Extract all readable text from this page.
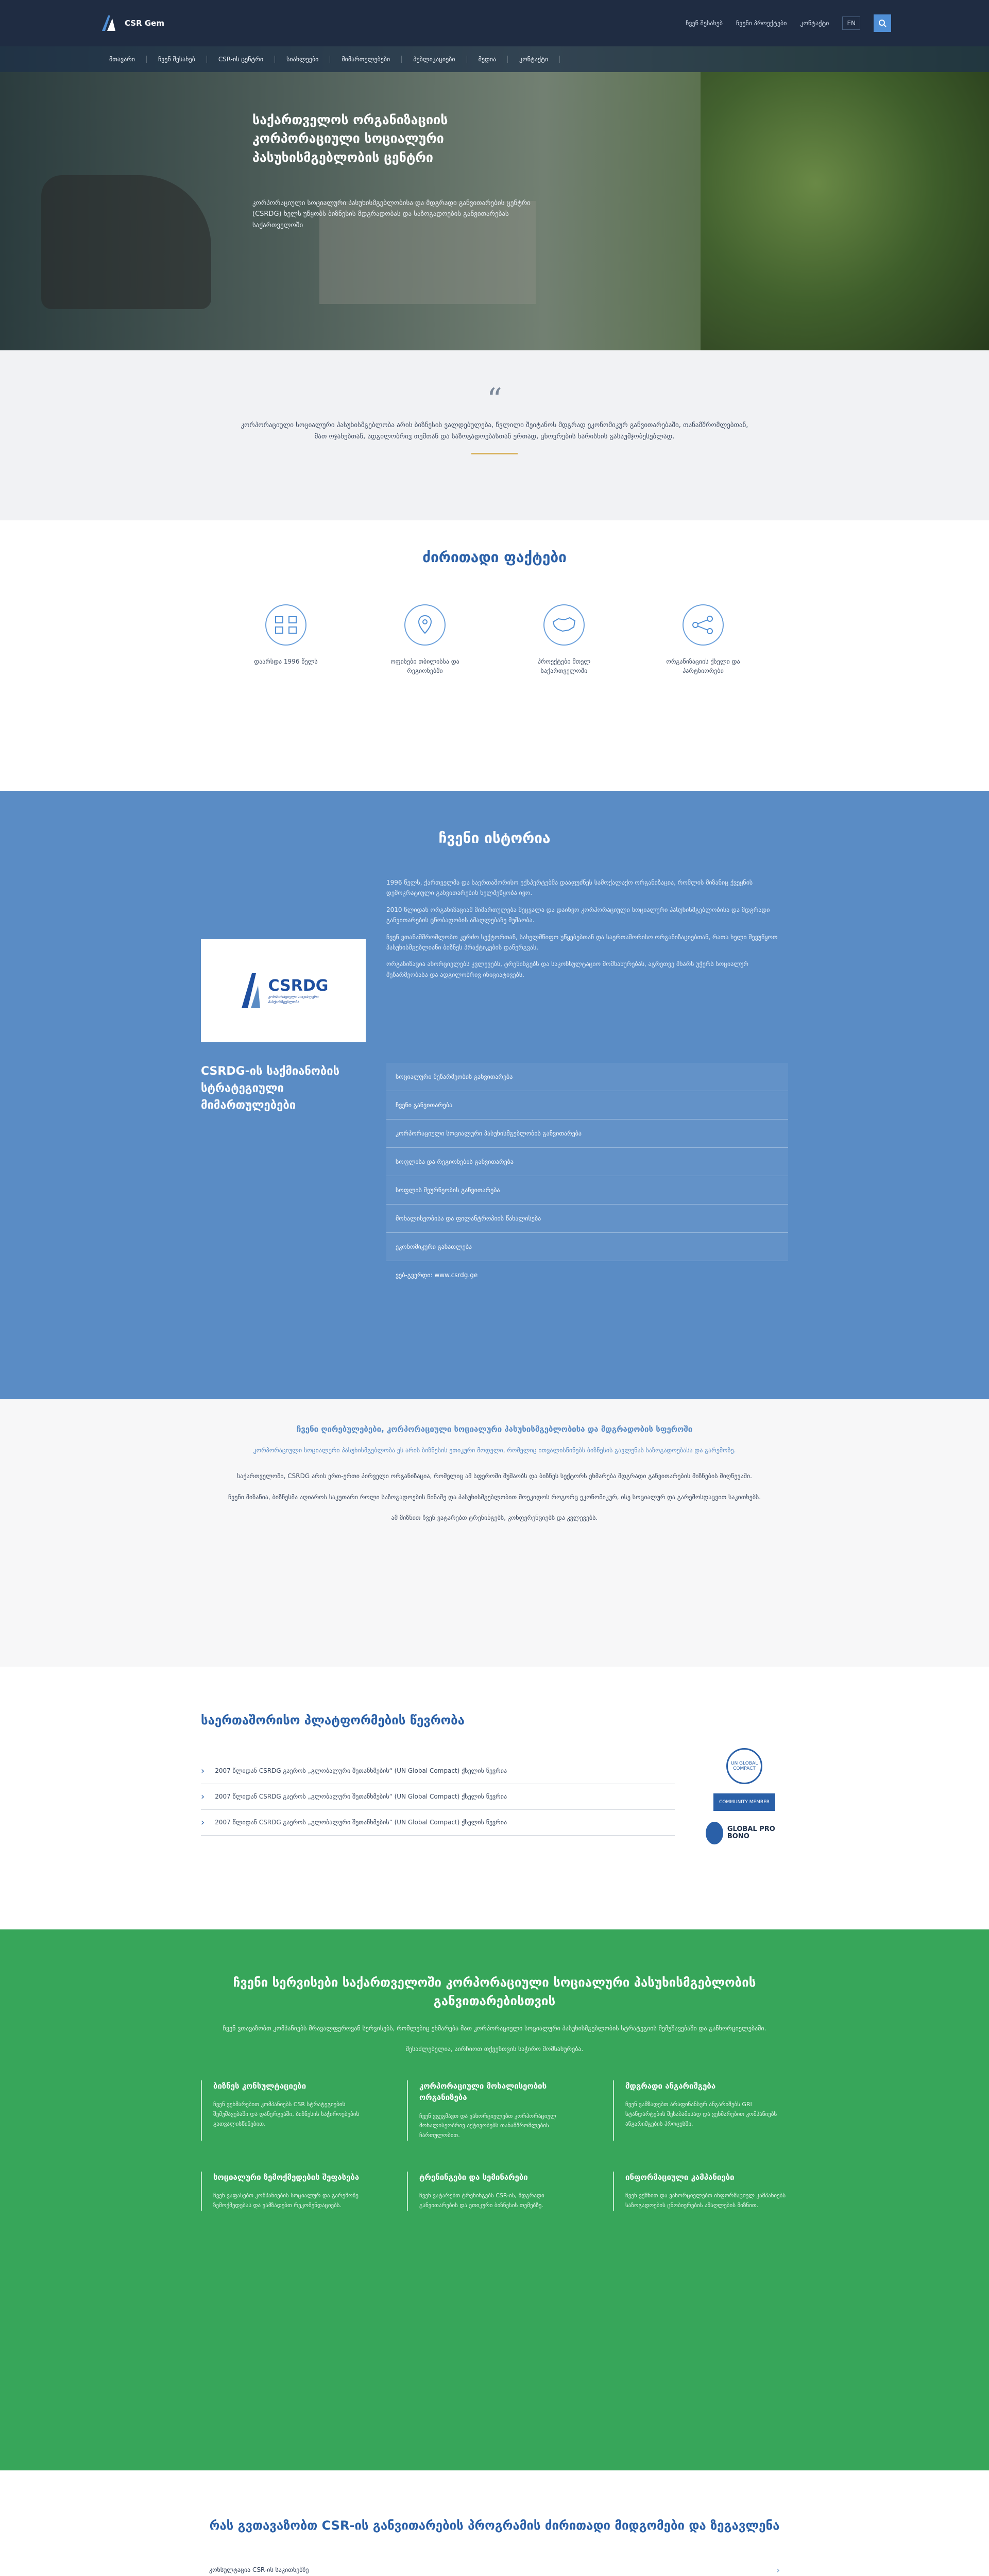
CSR Gem	ჩვენ შესახებ ჩვენი პროექტები კონტაქტი	EN
მთავარი	ჩვენ შესახებ	CSR-ის ცენტრი	სიახლეები	მიმართულებები	პუბლიკაციები	მედია	კონტაქტი
საქართველოს ორგანიზაციის კორპორაციული სოციალური პასუხისმგებლობის ცენტრი

კორპორაციული სოციალური პასუხისმგებლობისა და მდგრადი განვითარების ცენტრი (CSRDG) ხელს უწყობს ბიზნესის მდგრადობას და საზოგადოების განვითარებას საქართველოში

“

კორპორაციული სოციალური პასუხისმგებლობა არის ბიზნესის ვალდებულება, წვლილი შეიტანოს მდგრად ეკონომიკურ განვითარებაში, თანამშრომლებთან, მათ ოჯახებთან, ადგილობრივ თემთან და საზოგადოებასთან ერთად, ცხოვრების ხარისხის გასაუმჯობესებლად.

ძირითადი ფაქტები

დაარსდა 1996 წელს	ოფისები თბილისსა და რეგიონებში

პროექტები მთელ საქართველოში

ორგანიზაციის ქსელი და პარტნიორები

ჩვენი ისტორია
CSRDG
კორპორაციული სოციალური პასუხისმგებლობა

1996 წელს, ქართველმა და საერთაშორისო ექსპერტებმა დააფუძნეს სამოქალაქო ორგანიზაცია, რომლის მიზანიც ქვეყნის დემოკრატიული განვითარების ხელშეწყობა იყო.

2010 წლიდან ორგანიზაციამ მიმართულება შეცვალა და დაიწყო კორპორაციული სოციალური პასუხისმგებლობისა და მდგრადი განვითარების ცნობადობის ამაღლებაზე მუშაობა.

ჩვენ ვთანამშრომლობთ კერძო სექტორთან, სახელმწიფო უწყებებთან და საერთაშორისო ორგანიზაციებთან, რათა ხელი შევუწყოთ პასუხისმგებლიანი ბიზნეს პრაქტიკების დანერგვას.

ორგანიზაცია ახორციელებს კვლევებს, ტრენინგებს და საკონსულტაციო მომსახურებას, აგრეთვე მხარს უჭერს სოციალურ მეწარმეობასა და ადგილობრივ ინიციატივებს.

CSRDG-ის საქმიანობის სტრატეგიული მიმართულებები
სოციალური მეწარმეობის განვითარება
ჩვენი განვითარება
კორპორაციული სოციალური პასუხისმგებლობის განვითარება
სოფლისა და რეგიონების განვითარება
სოფლის მეურნეობის განვითარება
მოხალისეობისა და ფილანტროპიის წახალისება
ეკონომიკური განათლება
ვებ-გვერდი: www.csrdg.ge
ჩვენი ღირებულებები, კორპორაციული სოციალური პასუხისმგებლობისა და მდგრადობის სფეროში

კორპორაციული სოციალური პასუხისმგებლობა ეს არის ბიზნესის ეთიკური მოდელი, რომელიც ითვალისწინებს ბიზნესის გავლენას საზოგადოებასა და გარემოზე.

საქართველოში, CSRDG არის ერთ-ერთი პირველი ორგანიზაცია, რომელიც ამ სფეროში მუშაობს და ბიზნეს სექტორს ეხმარება მდგრადი განვითარების მიზნების მიღწევაში.

ჩვენი მიზანია, ბიზნესმა აღიაროს საკუთარი როლი საზოგადოების წინაშე და პასუხისმგებლობით მოეკიდოს როგორც ეკონომიკურ, ისე სოციალურ და გარემოსდაცვით საკითხებს.

ამ მიზნით ჩვენ ვატარებთ ტრენინგებს, კონფერენციებს და კვლევებს.

საერთაშორისო პლატფორმების წევრობა
› 2007 წლიდან CSRDG გაეროს „გლობალური შეთანხმების“ (UN Global Compact) ქსელის წევრია
› 2007 წლიდან CSRDG გაეროს „გლობალური შეთანხმების“ (UN Global Compact) ქსელის წევრია
› 2007 წლიდან CSRDG გაეროს „გლობალური შეთანხმების“ (UN Global Compact) ქსელის წევრია
UN GLOBAL COMPACT
COMMUNITY MEMBER
GLOBAL PRO BONO
ჩვენი სერვისები საქართველოში კორპორაციული სოციალური პასუხისმგებლობის განვითარებისთვის

ჩვენ ვთავაზობთ კომპანიებს მრავალფეროვან სერვისებს, რომლებიც ეხმარება მათ კორპორაციული სოციალური პასუხისმგებლობის სტრატეგიის შემუშავებაში და განხორციელებაში.

შესაძლებელია, აირჩიოთ თქვენთვის საჭირო მომსახურება.

ბიზნეს კონსულტაციები

ჩვენ ვეხმარებით კომპანიებს CSR სტრატეგიების შემუშავებაში და დანერგვაში, ბიზნესის საჭიროებების გათვალისწინებით.

კორპორაციული მოხალისეობის ორგანიზება

ჩვენ ვგეგმავთ და ვახორციელებთ კორპორაციულ მოხალისეობრივ აქტივობებს თანამშრომლების ჩართულობით.

მდგრადი ანგარიშგება

ჩვენ ვამზადებთ არაფინანსურ ანგარიშებს GRI სტანდარტების შესაბამისად და ვეხმარებით კომპანიებს ანგარიშგების პროცესში.

სოციალური ზემოქმედების შეფასება

ჩვენ ვაფასებთ კომპანიების სოციალურ და გარემოზე ზემოქმედებას და ვამზადებთ რეკომენდაციებს.

ტრენინგები და სემინარები

ჩვენ ვატარებთ ტრენინგებს CSR-ის, მდგრადი განვითარების და ეთიკური ბიზნესის თემებზე.

ინფორმაციული კამპანიები

ჩვენ ვქმნით და ვახორციელებთ ინფორმაციულ კამპანიებს საზოგადოების ცნობიერების ამაღლების მიზნით.

რას გვთავაზობთ CSR-ის განვითარების პროგრამის ძირითადი მიდგომები და ზეგავლენა
კონსულტაცია CSR-ის საკითხებზე	›
